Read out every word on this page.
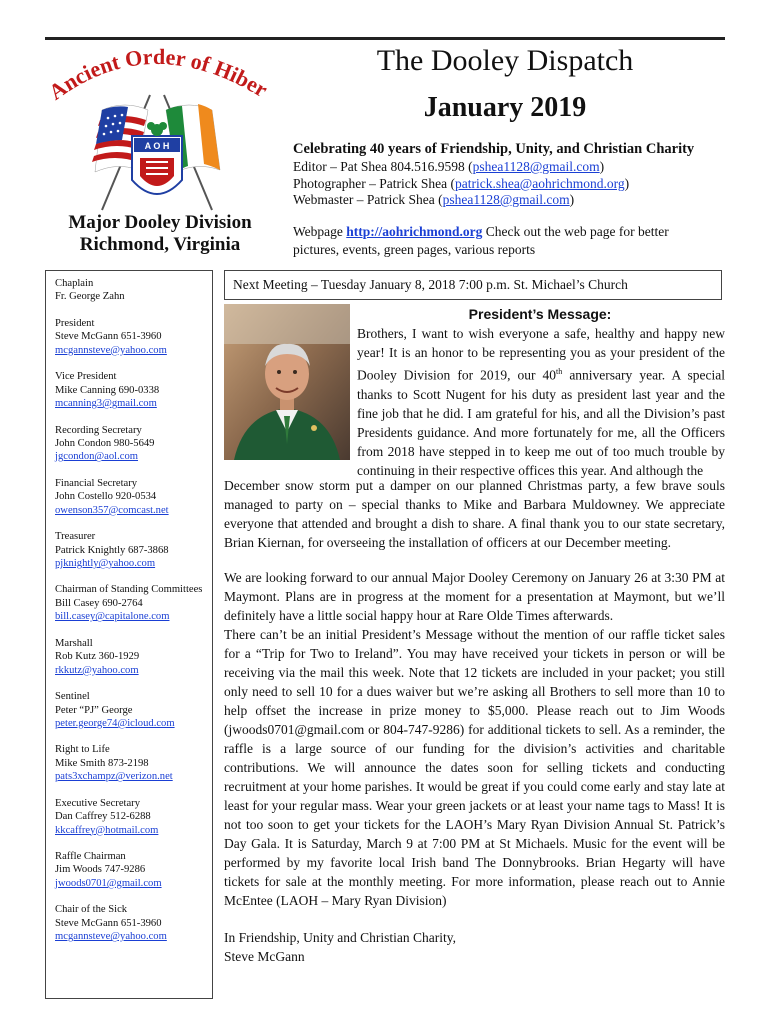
Ancient Order of Hibe
A O H
Major Dooley Division
Richmond, Virginia
The Dooley Dispatch
January 2019
Celebrating 40 years of Friendship, Unity, and Christian Charity
Editor – Pat Shea 804.516.9598 (pshea1128@gmail.com)
Photographer – Patrick Shea (patrick.shea@aohrichmond.org)
Webmaster – Patrick Shea (pshea1128@gmail.com)
Webpage http://aohrichmond.org Check out the web page for better pictures, events, green pages, various reports
Chaplain
Fr. George Zahn
President
Steve McGann 651-3960
mcgannsteve@yahoo.com
Vice President
Mike Canning 690-0338
mcanning3@gmail.com
Recording Secretary
John Condon 980-5649
jgcondon@aol.com
Financial Secretary
John Costello 920-0534
owenson357@comcast.net
Treasurer
Patrick Knightly 687-3868
pjknightly@yahoo.com
Chairman of Standing Committees
Bill Casey 690-2764
bill.casey@capitalone.com
Marshall
Rob Kutz 360-1929
rkkutz@yahoo.com
Sentinel
Peter “PJ” George
peter.george74@icloud.com
Right to Life
Mike Smith 873-2198
pats3xchampz@verizon.net
Executive Secretary
Dan Caffrey 512-6288
kkcaffrey@hotmail.com
Raffle Chairman
Jim Woods 747-9286
jwoods0701@gmail.com
Chair of the Sick
Steve McGann 651-3960
mcgannsteve@yahoo.com
Next Meeting – Tuesday January 8, 2018 7:00 p.m. St. Michael’s Church
President’s Message:
Brothers, I want to wish everyone a safe, healthy and happy new year! It is an honor to be representing you as your president of the Dooley Division for 2019, our 40th anniversary year. A special thanks to Scott Nugent for his duty as president last year and the fine job that he did. I am grateful for his, and all the Division’s past Presidents guidance. And more fortunately for me, all the Officers from 2018 have stepped in to keep me out of too much trouble by continuing in their respective offices this year. And although the
December snow storm put a damper on our planned Christmas party, a few brave souls managed to party on – special thanks to Mike and Barbara Muldowney. We appreciate everyone that attended and brought a dish to share. A final thank you to our state secretary, Brian Kiernan, for overseeing the installation of officers at our December meeting.
We are looking forward to our annual Major Dooley Ceremony on January 26 at 3:30 PM at Maymont. Plans are in progress at the moment for a presentation at Maymont, but we’ll definitely have a little social happy hour at Rare Olde Times afterwards.
There can’t be an initial President’s Message without the mention of our raffle ticket sales for a “Trip for Two to Ireland”. You may have received your tickets in person or will be receiving via the mail this week. Note that 12 tickets are included in your packet; you still only need to sell 10 for a dues waiver but we’re asking all Brothers to sell more than 10 to help offset the increase in prize money to $5,000. Please reach out to Jim Woods (jwoods0701@gmail.com or 804-747-9286) for additional tickets to sell. As a reminder, the raffle is a large source of our funding for the division’s activities and charitable contributions. We will announce the dates soon for selling tickets and conducting recruitment at your home parishes. It would be great if you could come early and stay late at least for your regular mass. Wear your green jackets or at least your name tags to Mass! It is not too soon to get your tickets for the LAOH’s Mary Ryan Division Annual St. Patrick’s Day Gala. It is Saturday, March 9 at 7:00 PM at St Michaels. Music for the event will be performed by my favorite local Irish band The Donnybrooks. Brian Hegarty will have tickets for sale at the monthly meeting. For more information, please reach out to Annie McEntee (LAOH – Mary Ryan Division)
In Friendship, Unity and Christian Charity,
Steve McGann
